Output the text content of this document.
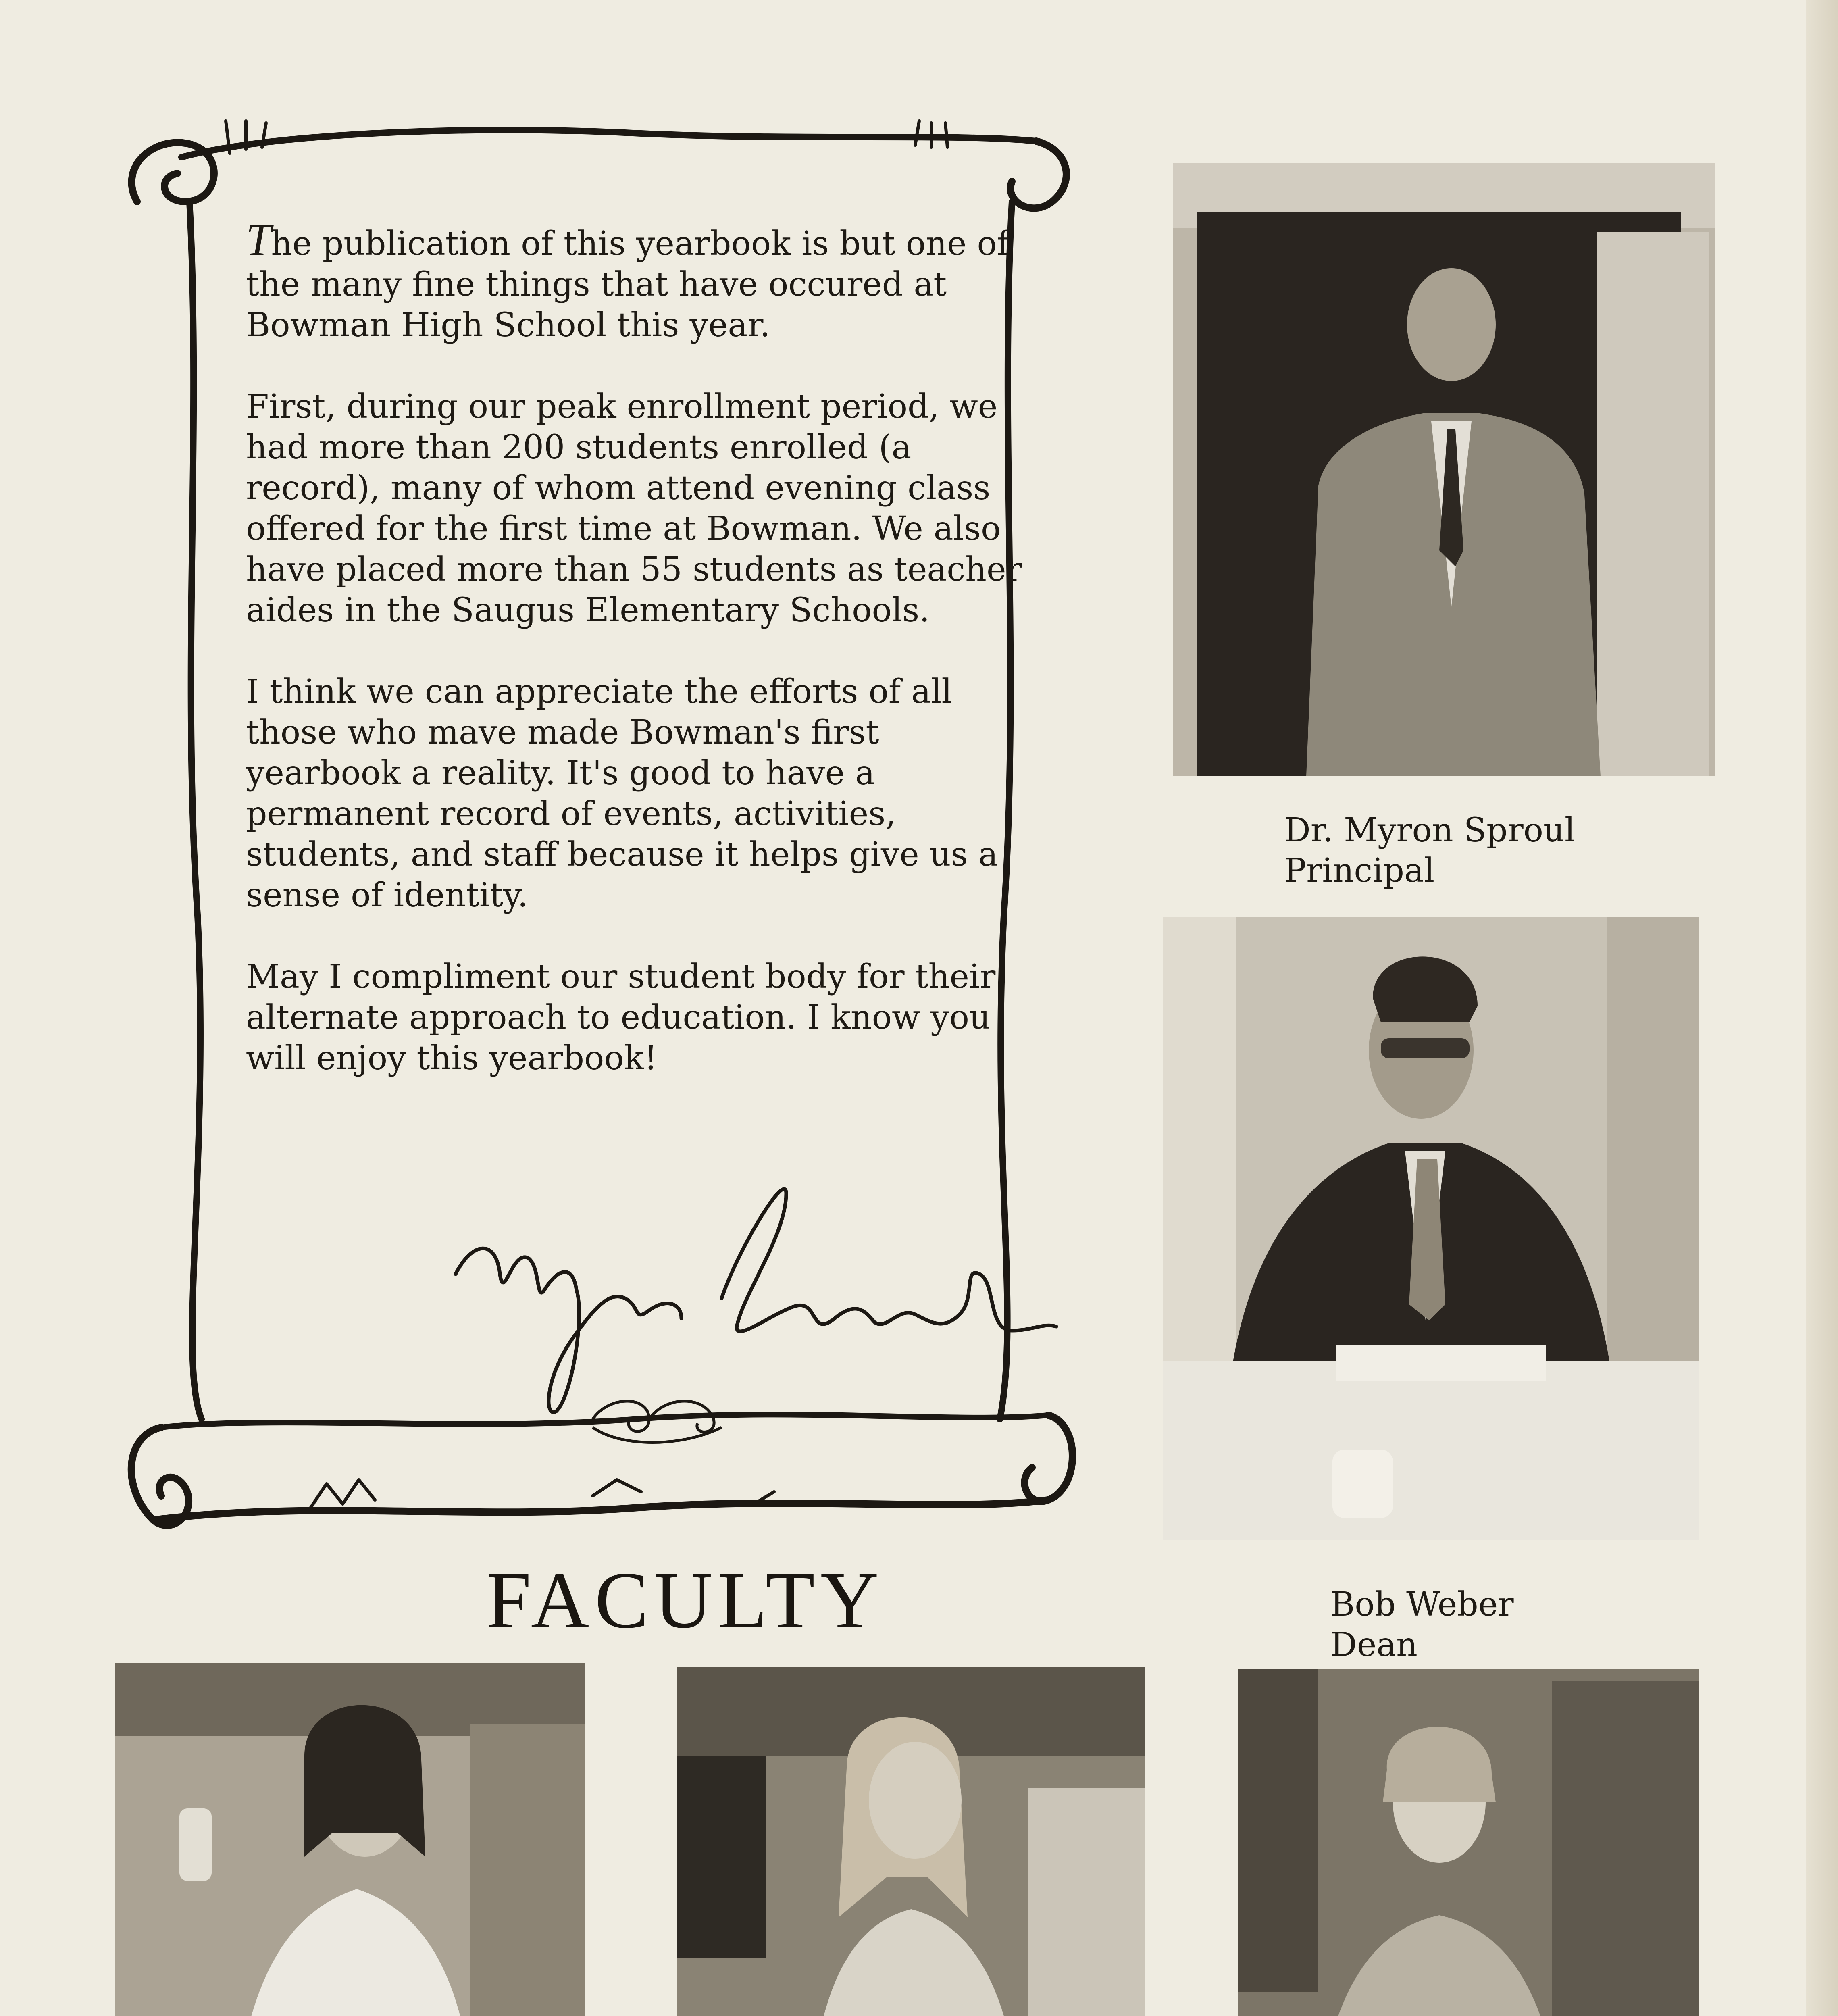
The publication of this yearbook is but one of the many fine things that have occured at Bowman High School this year.

First, during our peak enrollment period, we had more than 200 students enrolled (a record), many of whom attend evening class offered for the first time at Bowman. We also have placed more than 55 students as teacher aides in the Saugus Elementary Schools.

I think we can appreciate the efforts of all those who mave made Bowman's first yearbook a reality. It's good to have a permanent record of events, activities, students, and staff because it helps give us a sense of identity.

May I compliment our student body for their alternate approach to education. I know you will enjoy this yearbook!

FACULTY
Dr. Myron Sproul
Principal
Bob Weber
Dean
